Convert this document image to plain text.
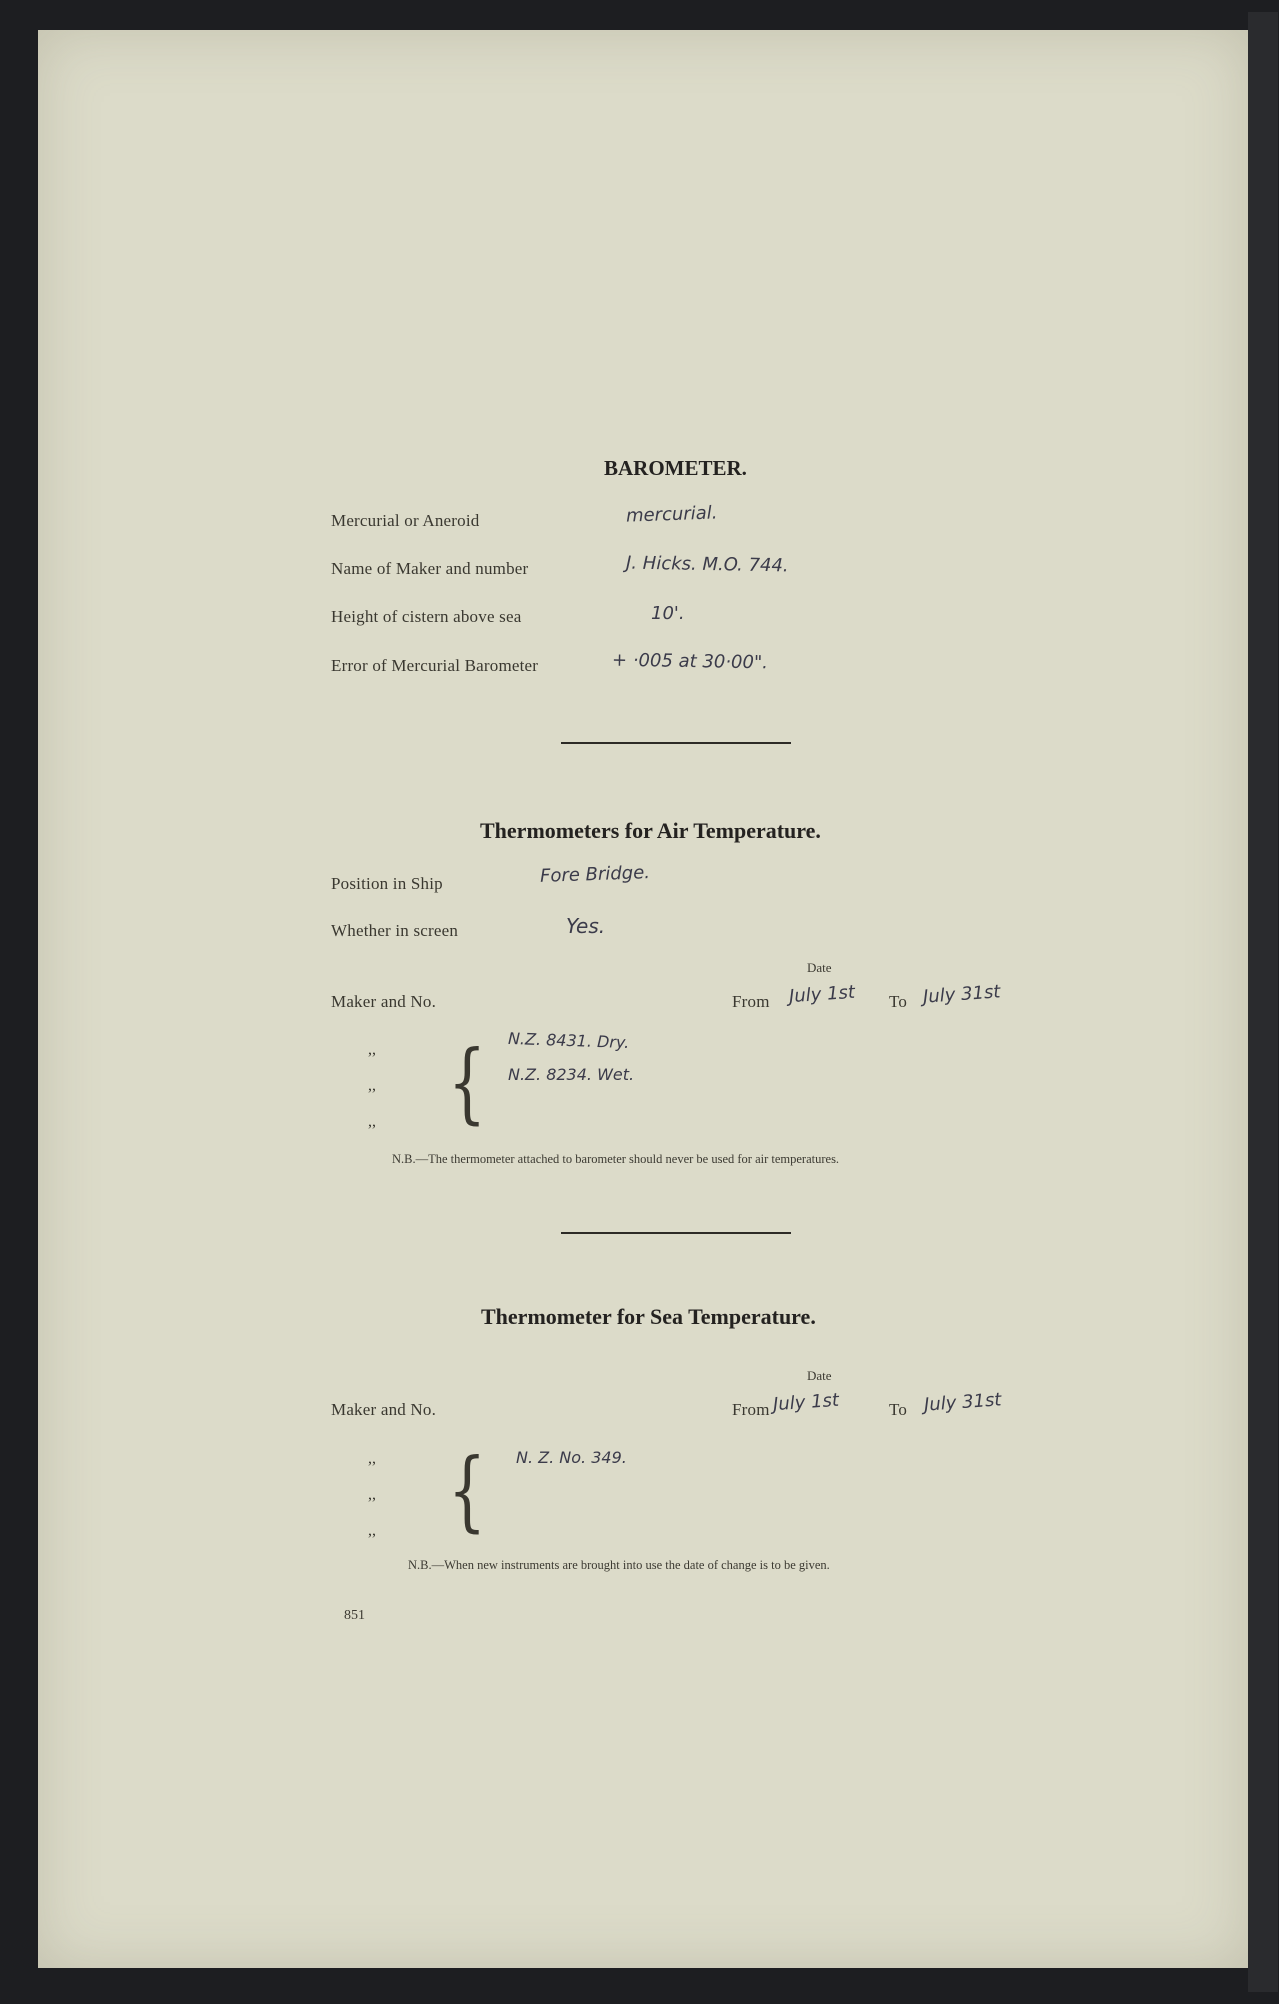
BAROMETER.
Mercurial or Aneroid	mercurial.
Name of Maker and number	J. Hicks. M.O. 744.
Height of cistern above sea	10'.
Error of Mercurial Barometer	+ ·005 at 30·00".
Thermometers for Air Temperature.
Position in Ship	Fore Bridge.
Whether in screen	Yes.
Date
Maker and No.	From July 1st To July 31st
,,
,,
,, { N.Z. 8431. Dry.
N.Z. 8234. Wet.
N.B.—The thermometer attached to barometer should never be used for air temperatures.
Thermometer for Sea Temperature.
Date
Maker and No.	From July 1st	To July 31st
,,
,,
,, { N. Z. No. 349.
N.B.—When new instruments are brought into use the date of change is to be given.
851
